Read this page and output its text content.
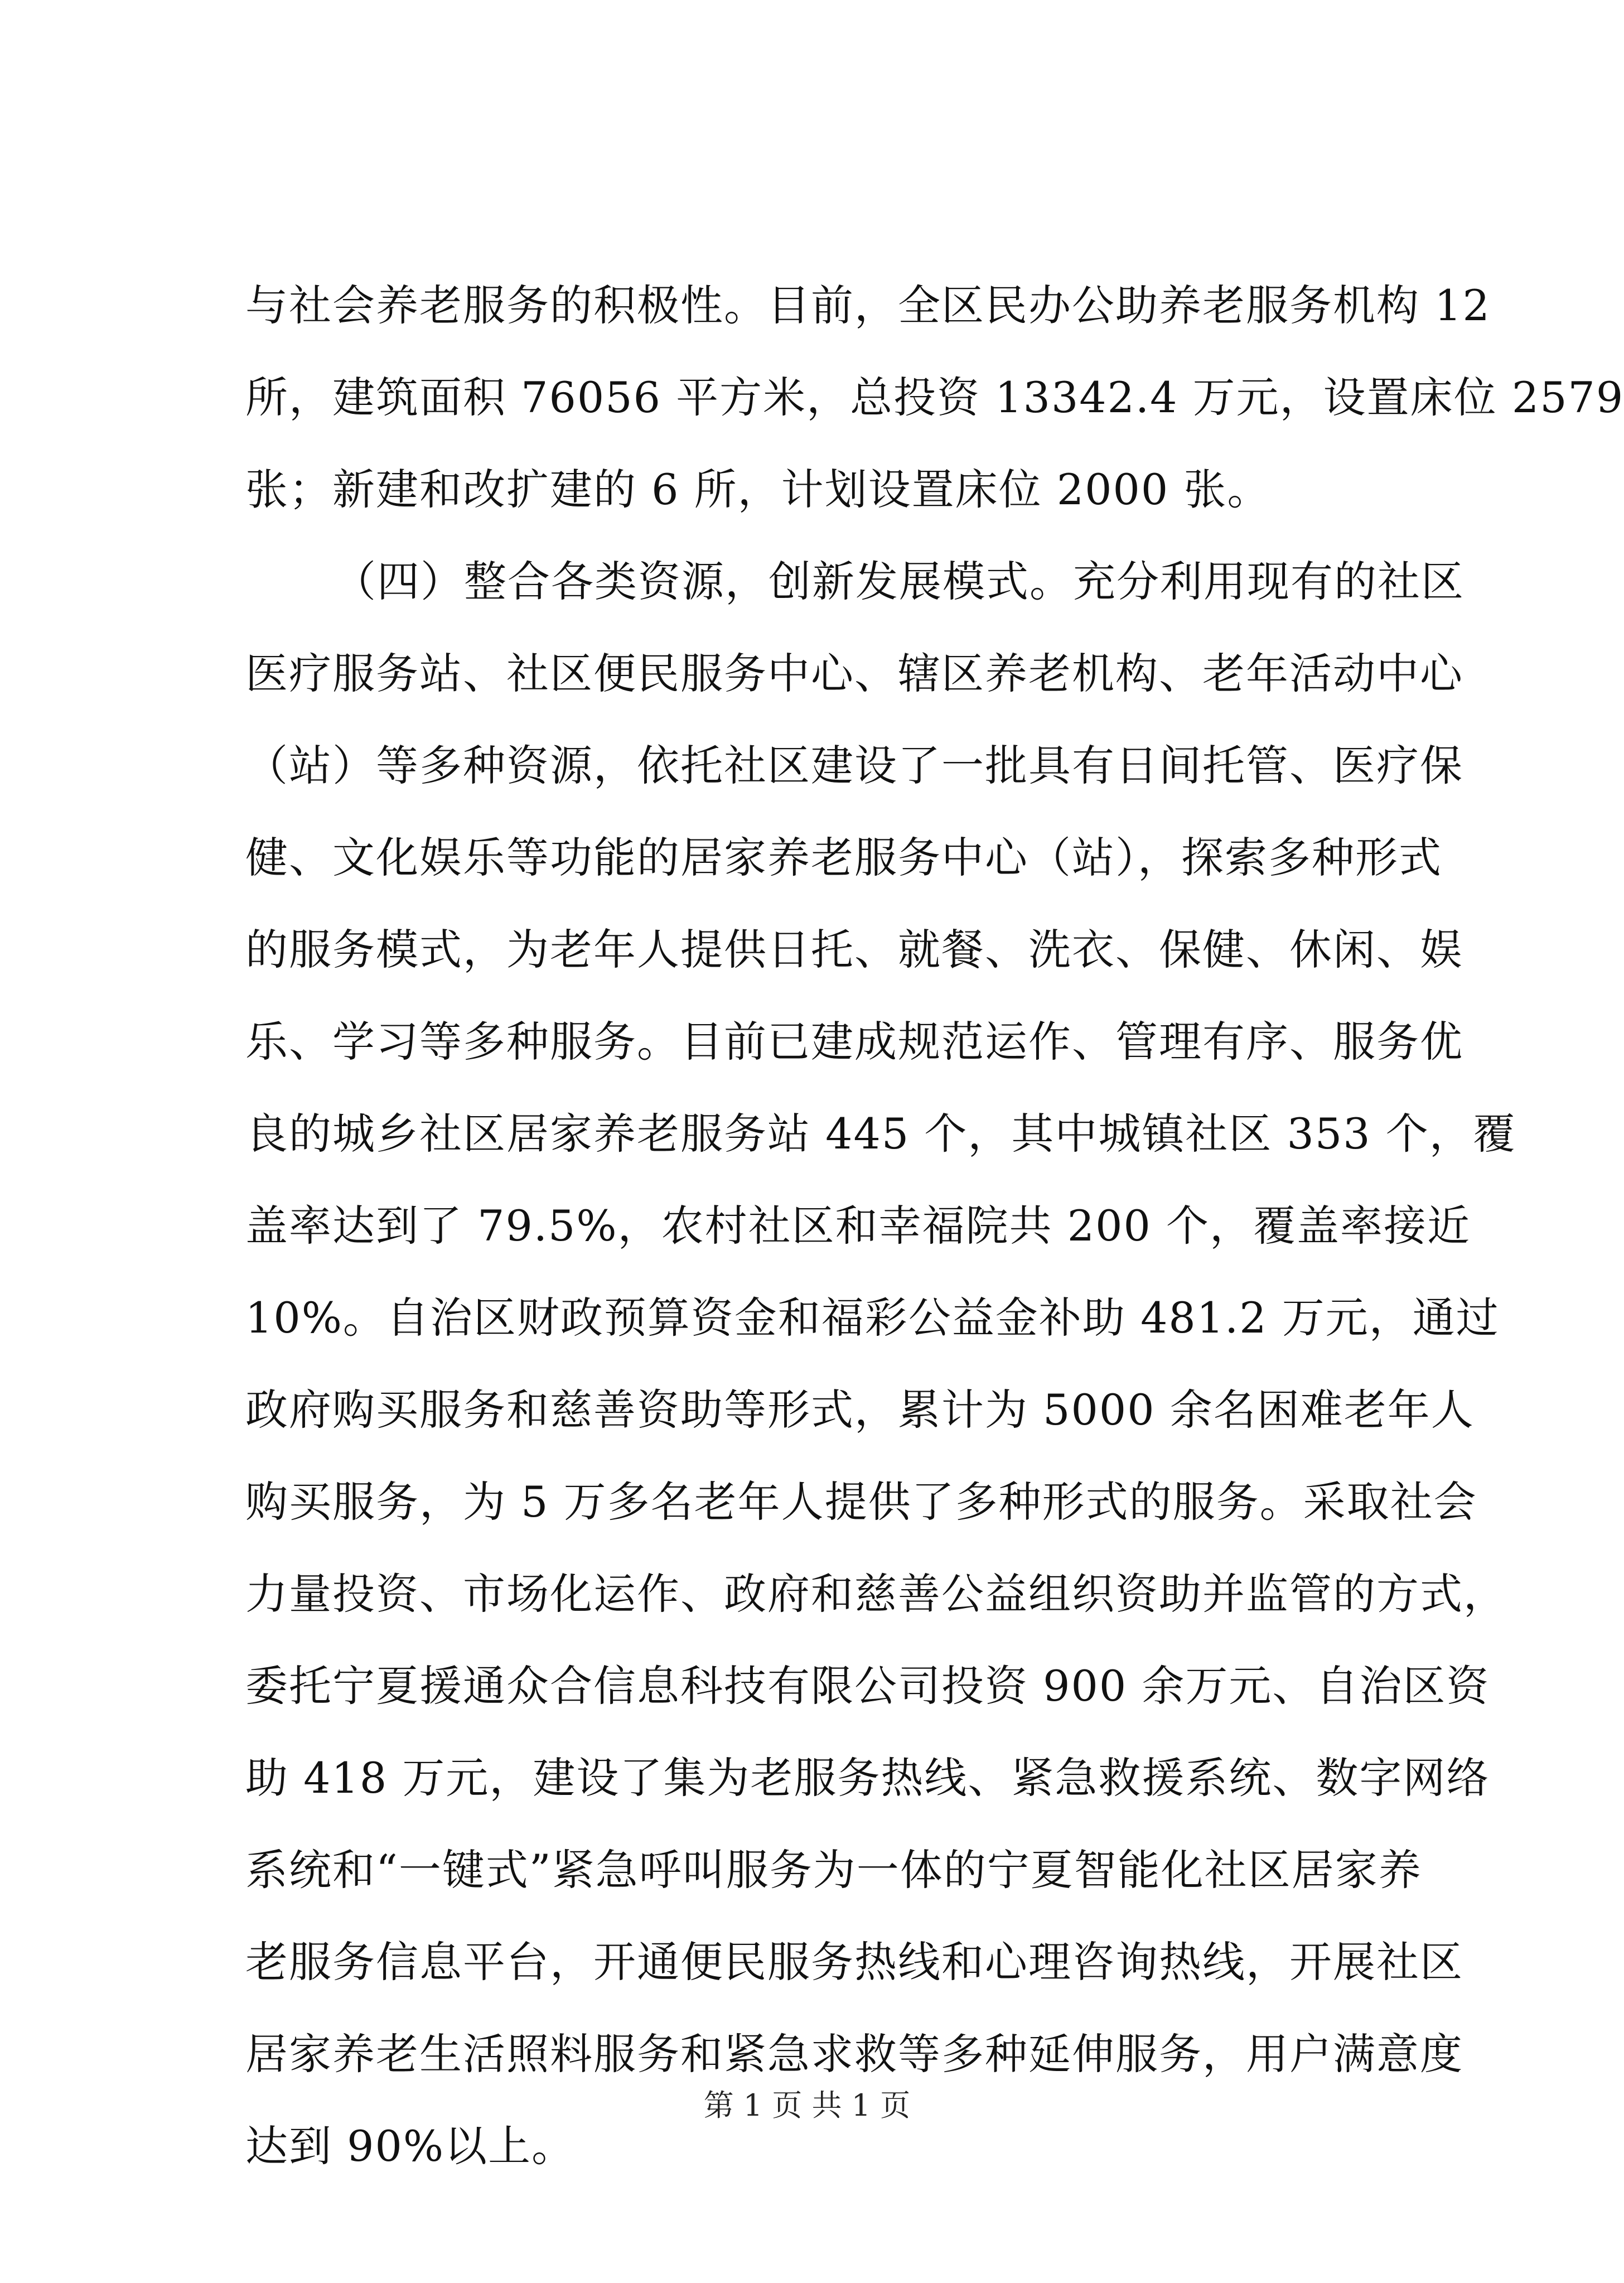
与社会养老服务的积极性。目前，全区民办公助养老服务机构 12
所，建筑面积 76056 平方米，总投资 13342.4 万元，设置床位 2579
张；新建和改扩建的 6 所，计划设置床位 2000 张。
（四）整合各类资源，创新发展模式。充分利用现有的社区
医疗服务站、社区便民服务中心、辖区养老机构、老年活动中心
（站）等多种资源，依托社区建设了一批具有日间托管、医疗保
健、文化娱乐等功能的居家养老服务中心（站），探索多种形式
的服务模式，为老年人提供日托、就餐、洗衣、保健、休闲、娱
乐、学习等多种服务。目前已建成规范运作、管理有序、服务优
良的城乡社区居家养老服务站 445 个，其中城镇社区 353 个，覆
盖率达到了 79.5%，农村社区和幸福院共 200 个，覆盖率接近
10%。自治区财政预算资金和福彩公益金补助 481.2 万元，通过
政府购买服务和慈善资助等形式，累计为 5000 余名困难老年人
购买服务，为 5 万多名老年人提供了多种形式的服务。采取社会
力量投资、市场化运作、政府和慈善公益组织资助并监管的方式，
委托宁夏援通众合信息科技有限公司投资 900 余万元、自治区资
助 418 万元，建设了集为老服务热线、紧急救援系统、数字网络
系统和“一键式”紧急呼叫服务为一体的宁夏智能化社区居家养
老服务信息平台，开通便民服务热线和心理咨询热线，开展社区
居家养老生活照料服务和紧急求救等多种延伸服务，用户满意度
达到 90%以上。
第 1 页 共 1 页
